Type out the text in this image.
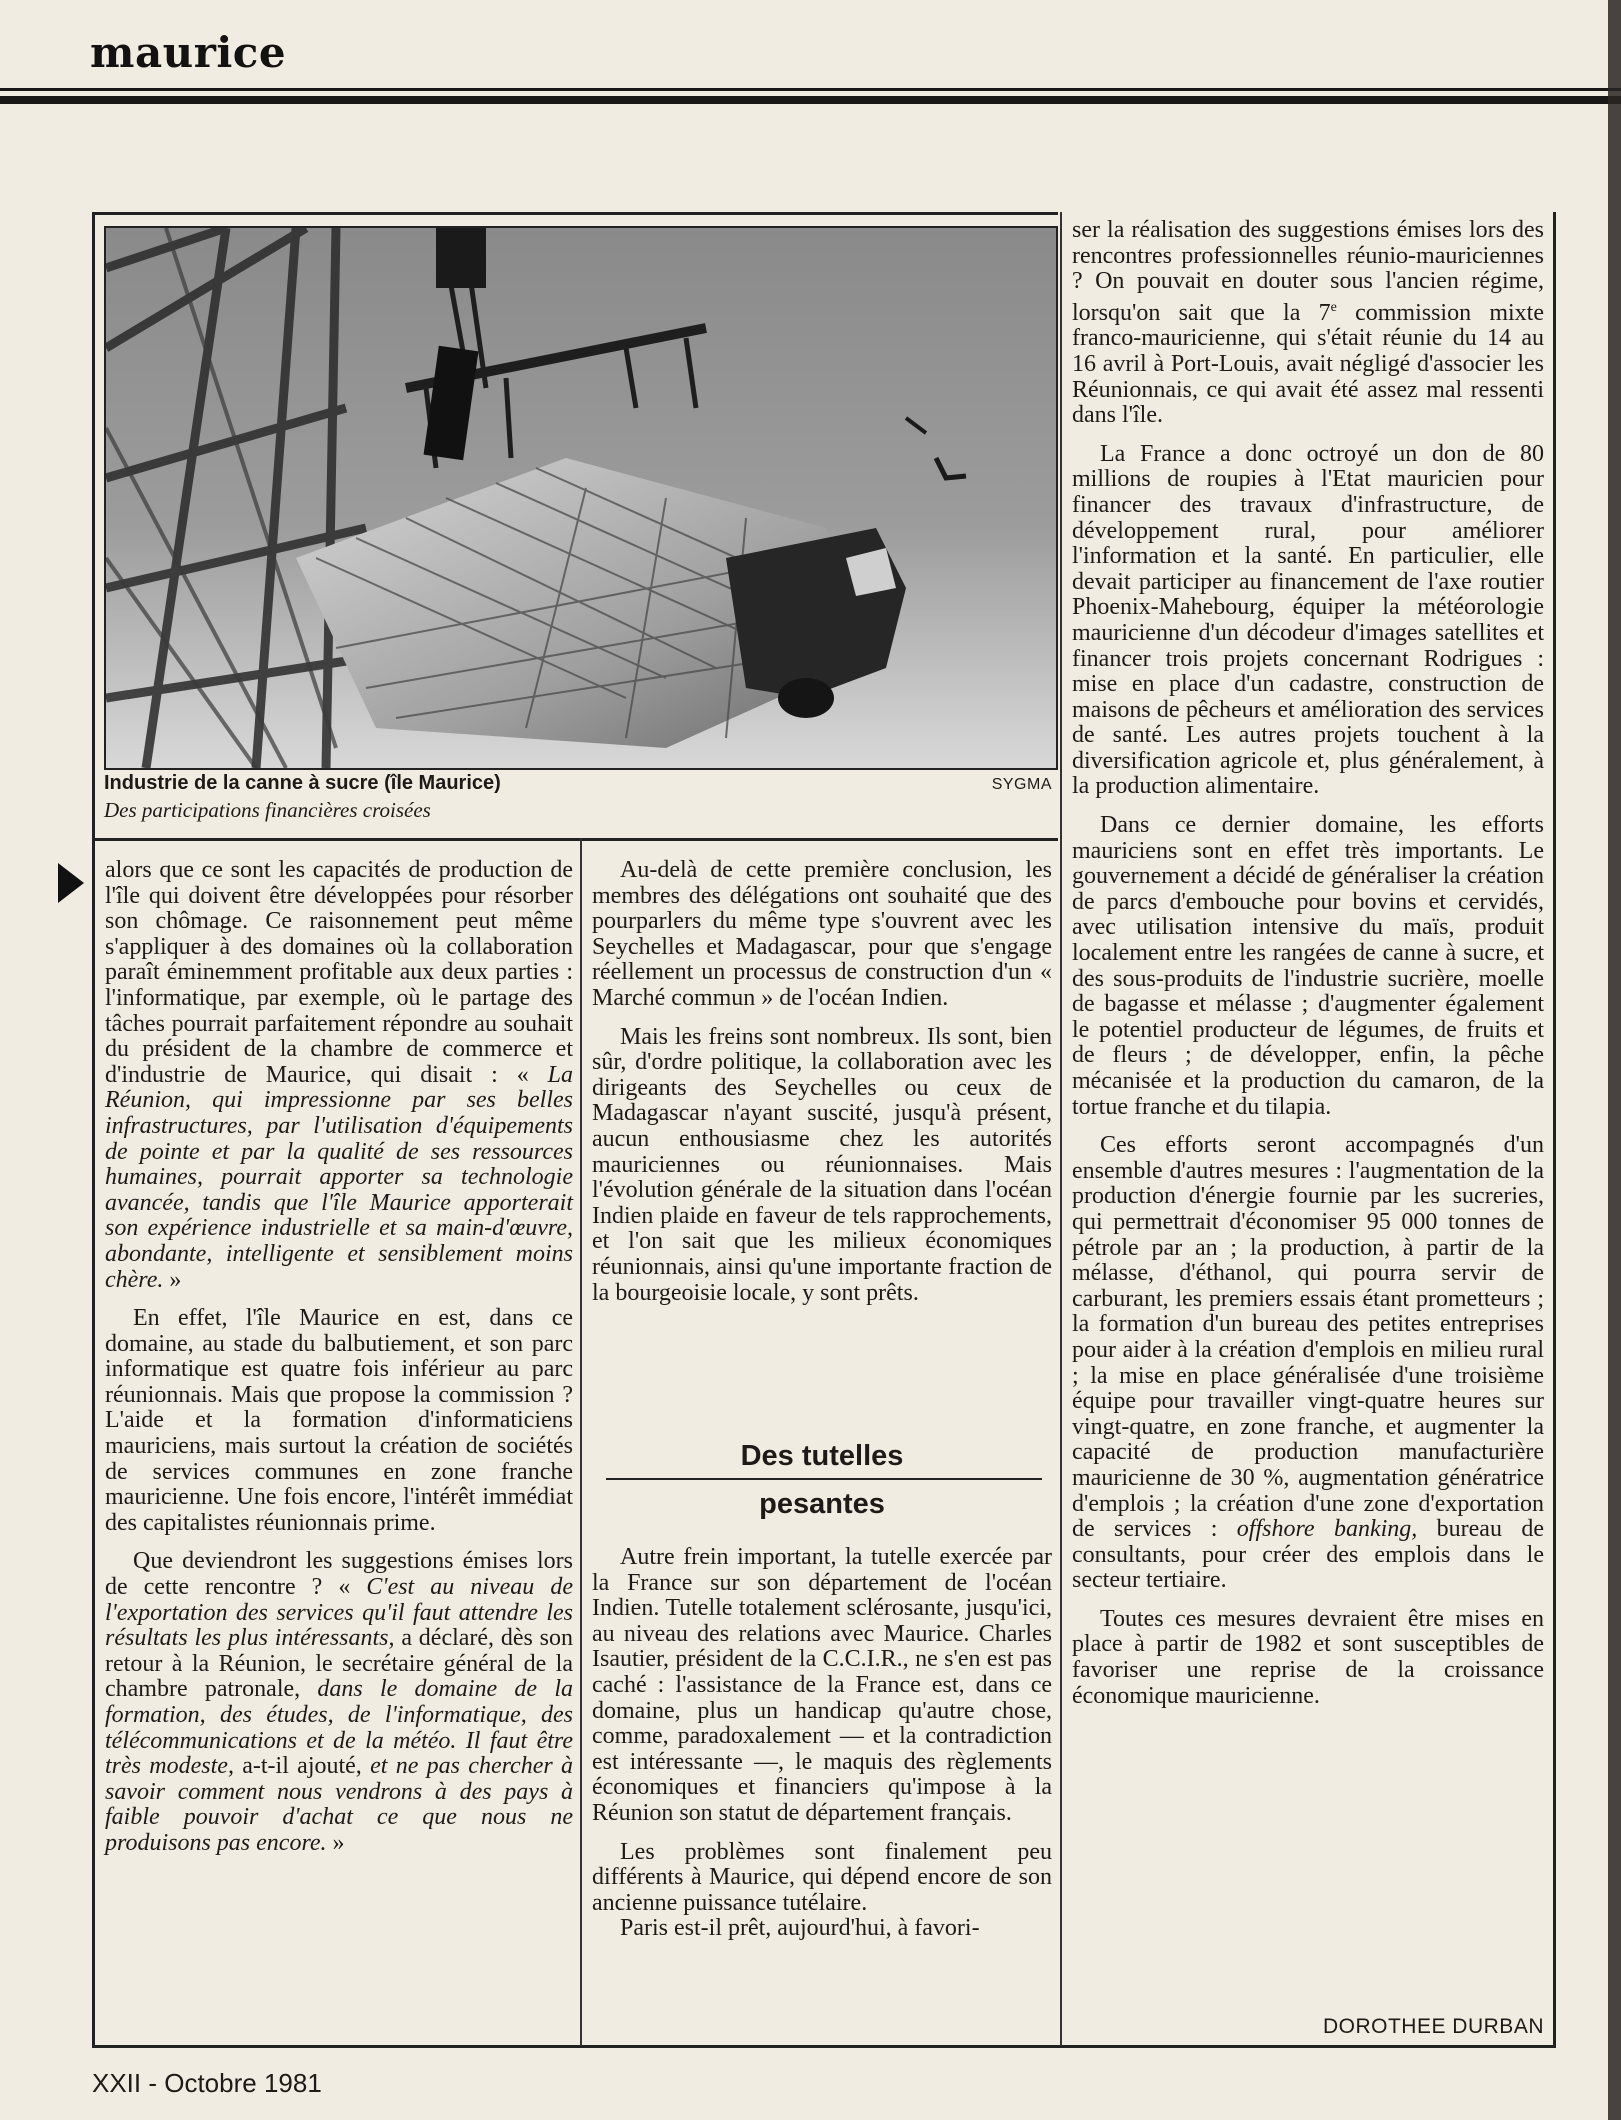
maurice
Industrie de la canne à sucre (île Maurice)
Des participations financières croisées
SYGMA

alors que ce sont les capacités de production de l'île qui doivent être développées pour résorber son chômage. Ce raisonnement peut même s'appliquer à des domaines où la collaboration paraît éminemment profitable aux deux parties : l'informatique, par exemple, où le partage des tâches pourrait parfaitement répondre au souhait du président de la chambre de commerce et d'industrie de Maurice, qui disait : « La Réunion, qui impressionne par ses belles infrastructures, par l'utilisation d'équipements de pointe et par la qualité de ses ressources humaines, pourrait apporter sa technologie avancée, tandis que l'île Maurice apporterait son expérience industrielle et sa main-d'œuvre, abondante, intelligente et sensiblement moins chère. »

En effet, l'île Maurice en est, dans ce domaine, au stade du balbutiement, et son parc informatique est quatre fois inférieur au parc réunionnais. Mais que propose la commission ? L'aide et la formation d'informaticiens mauriciens, mais surtout la création de sociétés de services communes en zone franche mauricienne. Une fois encore, l'intérêt immédiat des capitalistes réunionnais prime.

Que deviendront les suggestions émises lors de cette rencontre ? « C'est au niveau de l'exportation des services qu'il faut attendre les résultats les plus intéressants, a déclaré, dès son retour à la Réunion, le secrétaire général de la chambre patronale, dans le domaine de la formation, des études, de l'informatique, des télécommunications et de la météo. Il faut être très modeste, a-t-il ajouté, et ne pas chercher à savoir comment nous vendrons à des pays à faible pouvoir d'achat ce que nous ne produisons pas encore. »

Au-delà de cette première conclusion, les membres des délégations ont souhaité que des pourparlers du même type s'ouvrent avec les Seychelles et Madagascar, pour que s'engage réellement un processus de construction d'un « Marché commun » de l'océan Indien.

Mais les freins sont nombreux. Ils sont, bien sûr, d'ordre politique, la collaboration avec les dirigeants des Seychelles ou ceux de Madagascar n'ayant suscité, jusqu'à présent, aucun enthousiasme chez les autorités mauriciennes ou réunionnaises. Mais l'évolution générale de la situation dans l'océan Indien plaide en faveur de tels rapprochements, et l'on sait que les milieux économiques réunionnais, ainsi qu'une importante fraction de la bourgeoisie locale, y sont prêts.

Des tutelles
pesantes

Autre frein important, la tutelle exercée par la France sur son département de l'océan Indien. Tutelle totalement sclérosante, jusqu'ici, au niveau des relations avec Maurice. Charles Isautier, président de la C.C.I.R., ne s'en est pas caché : l'assistance de la France est, dans ce domaine, plus un handicap qu'autre chose, comme, paradoxalement — et la contradiction est intéressante —, le maquis des règlements économiques et financiers qu'impose à la Réunion son statut de département français.

Les problèmes sont finalement peu différents à Maurice, qui dépend encore de son ancienne puissance tutélaire.

Paris est-il prêt, aujourd'hui, à favori-

ser la réalisation des suggestions émises lors des rencontres professionnelles réunio-mauriciennes ? On pouvait en douter sous l'ancien régime, lorsqu'on sait que la 7e commission mixte franco-mauricienne, qui s'était réunie du 14 au 16 avril à Port-Louis, avait négligé d'associer les Réunionnais, ce qui avait été assez mal ressenti dans l'île.

La France a donc octroyé un don de 80 millions de roupies à l'Etat mauricien pour financer des travaux d'infrastructure, de développement rural, pour améliorer l'information et la santé. En particulier, elle devait participer au financement de l'axe routier Phoenix-Mahebourg, équiper la météorologie mauricienne d'un décodeur d'images satellites et financer trois projets concernant Rodrigues : mise en place d'un cadastre, construction de maisons de pêcheurs et amélioration des services de santé. Les autres projets touchent à la diversification agricole et, plus généralement, à la production alimentaire.

Dans ce dernier domaine, les efforts mauriciens sont en effet très importants. Le gouvernement a décidé de généraliser la création de parcs d'embouche pour bovins et cervidés, avec utilisation intensive du maïs, produit localement entre les rangées de canne à sucre, et des sous-produits de l'industrie sucrière, moelle de bagasse et mélasse ; d'augmenter également le potentiel producteur de légumes, de fruits et de fleurs ; de développer, enfin, la pêche mécanisée et la production du camaron, de la tortue franche et du tilapia.

Ces efforts seront accompagnés d'un ensemble d'autres mesures : l'augmentation de la production d'énergie fournie par les sucreries, qui permettrait d'économiser 95 000 tonnes de pétrole par an ; la production, à partir de la mélasse, d'éthanol, qui pourra servir de carburant, les premiers essais étant prometteurs ; la formation d'un bureau des petites entreprises pour aider à la création d'emplois en milieu rural ; la mise en place généralisée d'une troisième équipe pour travailler vingt-quatre heures sur vingt-quatre, en zone franche, et augmenter la capacité de production manufacturière mauricienne de 30 %, augmentation génératrice d'emplois ; la création d'une zone d'exportation de services : offshore banking, bureau de consultants, pour créer des emplois dans le secteur tertiaire.

Toutes ces mesures devraient être mises en place à partir de 1982 et sont susceptibles de favoriser une reprise de la croissance économique mauricienne.

DOROTHEE DURBAN
XXII - Octobre 1981
